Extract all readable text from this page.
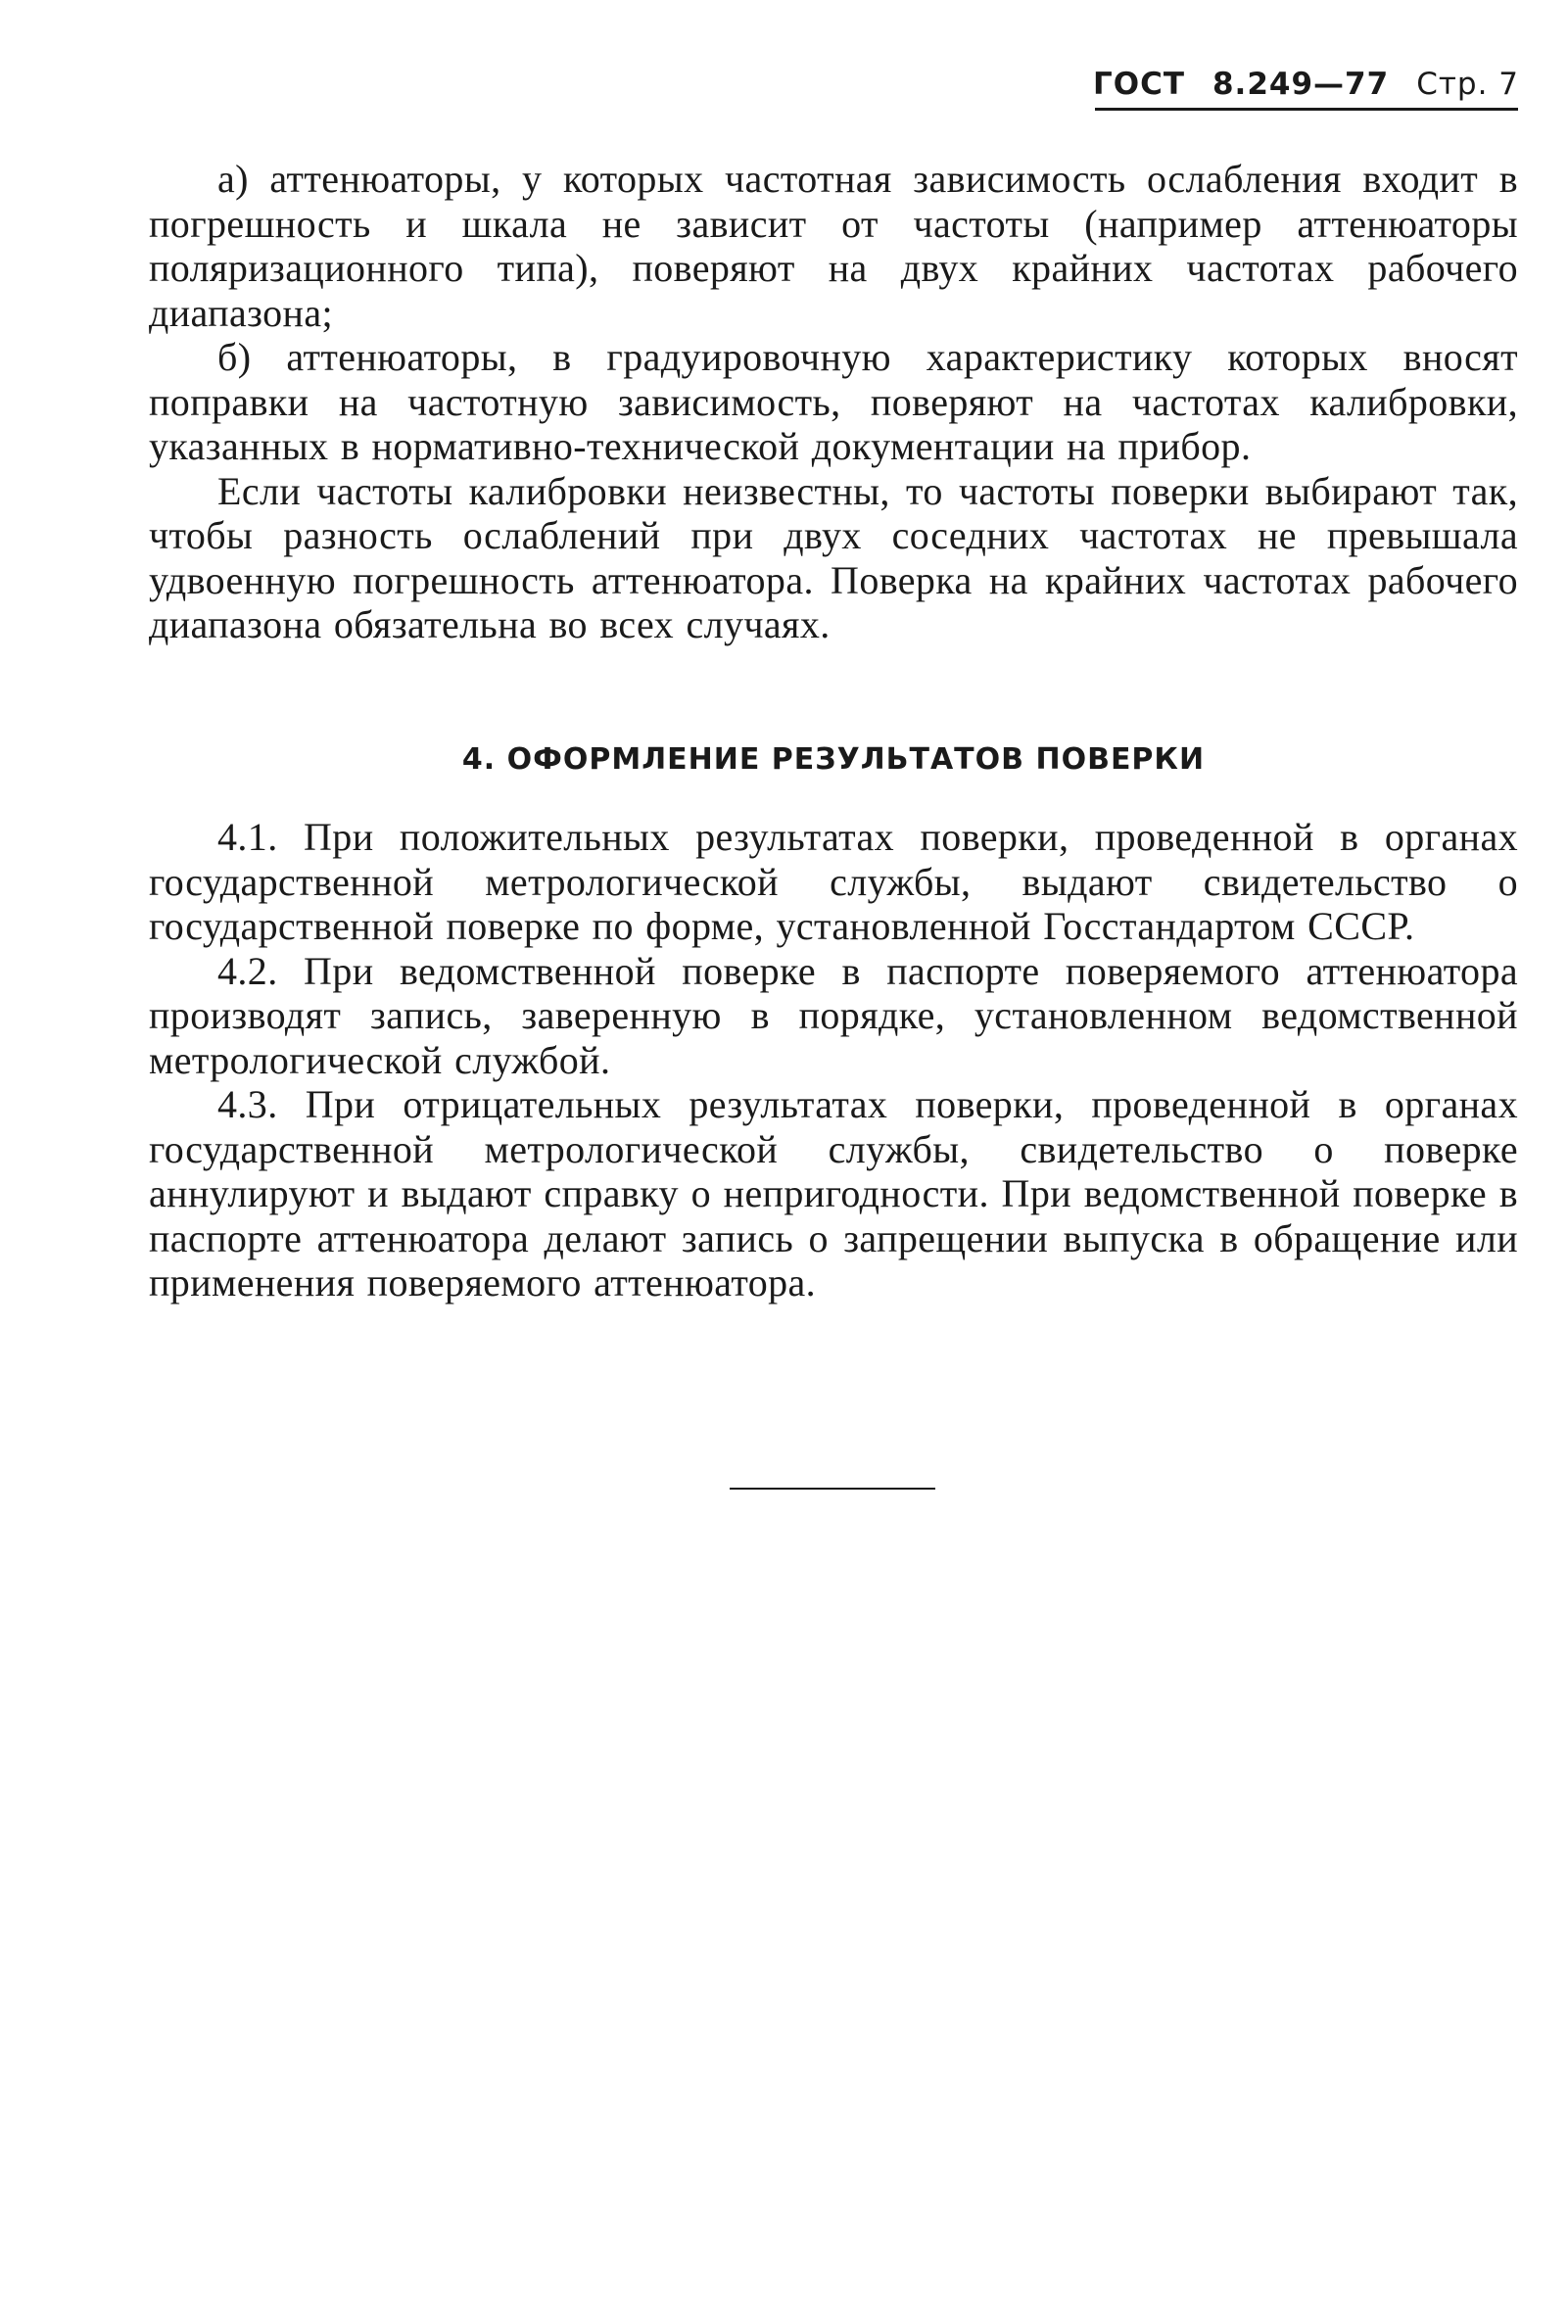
ГОСТ 8.249—77 Стр. 7

а) аттенюаторы, у которых частотная зависимость ослабления входит в погрешность и шкала не зависит от частоты (например аттенюаторы поляризационного типа), поверяют на двух крайних частотах рабочего диапазона;

б) аттенюаторы, в градуировочную характеристику которых вносят поправки на частотную зависимость, поверяют на частотах калибровки, указанных в нормативно-технической документации на прибор.

Если частоты калибровки неизвестны, то частоты поверки выбирают так, чтобы разность ослаблений при двух соседних частотах не превышала удвоенную погрешность аттенюатора. Поверка на крайних частотах рабочего диапазона обязательна во всех случаях.

4. ОФОРМЛЕНИЕ РЕЗУЛЬТАТОВ ПОВЕРКИ

4.1. При положительных результатах поверки, проведенной в органах государственной метрологической службы, выдают свидетельство о государственной поверке по форме, установленной Госстандартом СССР.

4.2. При ведомственной поверке в паспорте поверяемого аттенюатора производят запись, заверенную в порядке, установленном ведомственной метрологической службой.

4.3. При отрицательных результатах поверки, проведенной в органах государственной метрологической службы, свидетельство о поверке аннулируют и выдают справку о непригодности. При ведомственной поверке в паспорте аттенюатора делают запись о запрещении выпуска в обращение или применения поверяемого аттенюатора.
